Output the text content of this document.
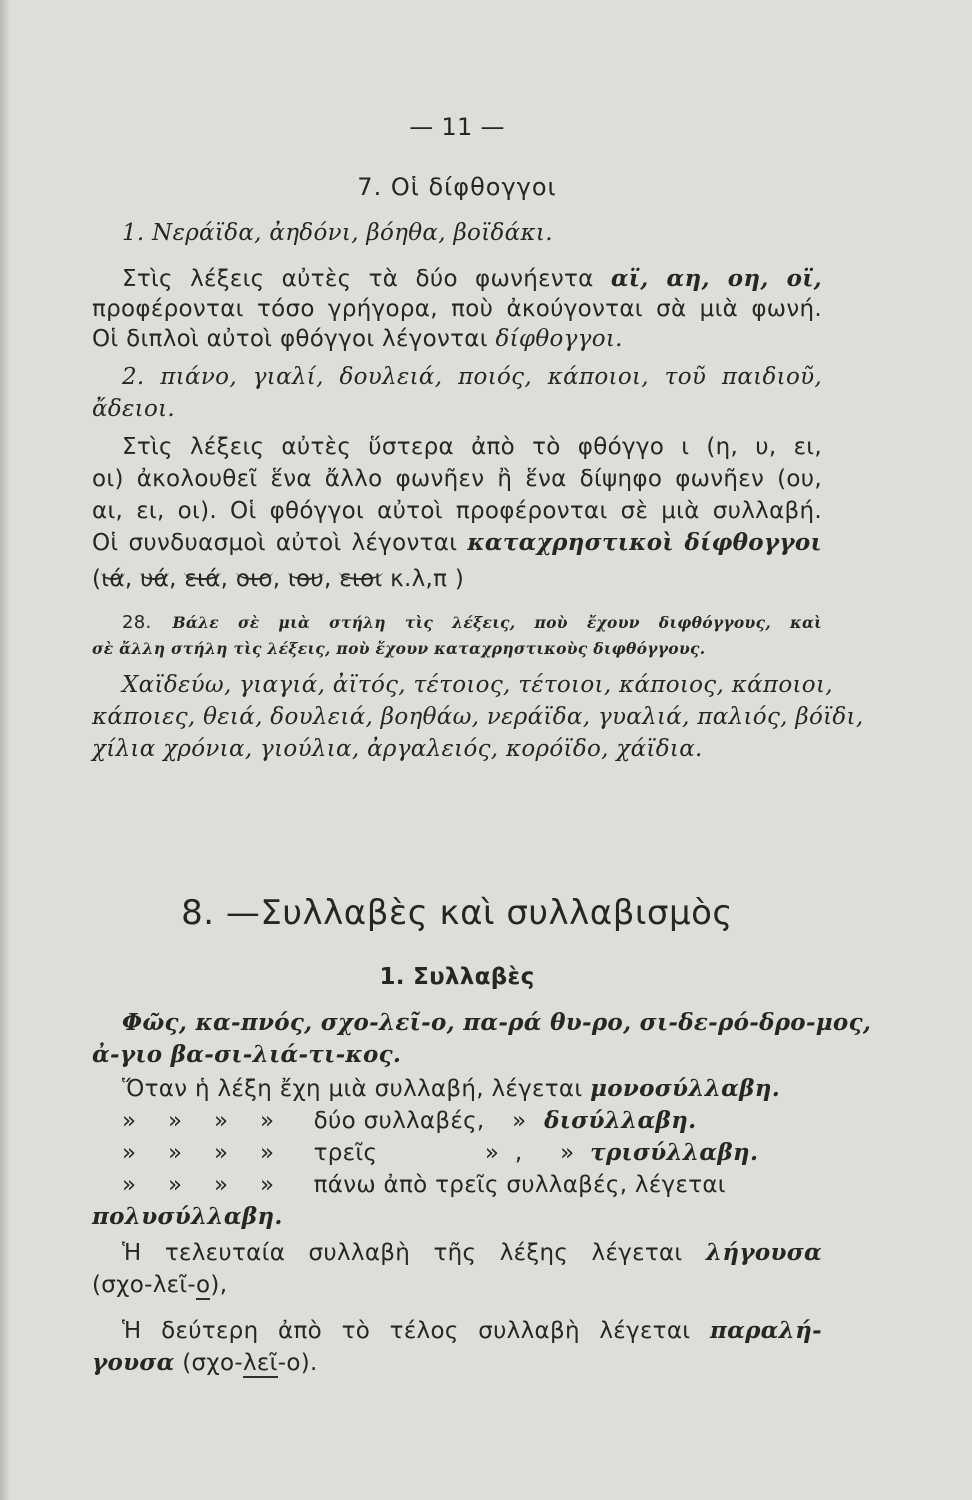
— 11 —
7. Οἱ δίφθογγοι
1. Νεράϊδα, ἀηδόνι, βόηθα, βοϊδάκι.
Στὶς λέξεις αὐτὲς τὰ δύο φωνήεντα αϊ, αη, οη, οϊ,
προφέρονται τόσο γρήγορα, ποὺ ἀκούγονται σὰ μιὰ φωνή.
Οἱ διπλοὶ αὐτοὶ φθόγγοι λέγονται δίφθογγοι.
2. πιάνο, γιαλί, δουλειά, ποιός, κάποιοι, τοῦ παιδιοῦ,
ἄδειοι.
Στὶς λέξεις αὐτὲς ὕστερα ἀπὸ τὸ φθόγγο ι (η, υ, ει,
οι) ἀκολουθεῖ ἕνα ἄλλο φωνῆεν ἢ ἕνα δίψηφο φωνῆεν (ου,
αι, ει, οι). Οἱ φθόγγοι αὐτοὶ προφέρονται σὲ μιὰ συλλαβή.
Οἱ συνδυασμοὶ αὐτοὶ λέγονται καταχρηστικοὶ δίφθογγοι
(ιά, υά, ειά, οιο, ιου, ειοι κ.λ,π )
28. Βάλε σὲ μιὰ στήλη τὶς λέξεις, ποὺ ἔχουν διφθόγγους, καὶ
σὲ ἄλλη στήλη τὶς λέξεις, ποὺ ἔχουν καταχρηστικοὺς διφθόγγους.
Χαϊδεύω, γιαγιά, ἀϊτός, τέτοιος, τέτοιοι, κάποιος, κάποιοι,
κάποιες, θειά, δουλειά, βοηθάω, νεράϊδα, γυαλιά, παλιός, βόϊδι,
χίλια χρόνια, γιούλια, ἀργαλειός, κορόϊδο, χάϊδια.
8. —Συλλαβὲς καὶ συλλαβισμὸς
1. Συλλαβὲς
Φῶς, κα-πνός, σχο-λεῖ-ο, πα-ρά θυ-ρο, σι-δε-ρό-δρο-μος,
ἀ-γιο βα-σι-λιά-τι-κος.
Ὅταν ἡ λέξη ἔχη μιὰ συλλαβή, λέγεται μονοσύλλαβη.
» » » » δύο συλλαβές, » δισύλλαβη.
» » » » τρεῖς	» , » τρισύλλαβη.
» » » » πάνω ἀπὸ τρεῖς συλλαβές, λέγεται
πολυσύλλαβη.
Ἡ τελευταία συλλαβὴ τῆς λέξης λέγεται λήγουσα
(σχο-λεῖ-ο),
Ἡ δεύτερη ἀπὸ τὸ τέλος συλλαβὴ λέγεται παραλή-
γουσα (σχο-λεῖ-ο).
